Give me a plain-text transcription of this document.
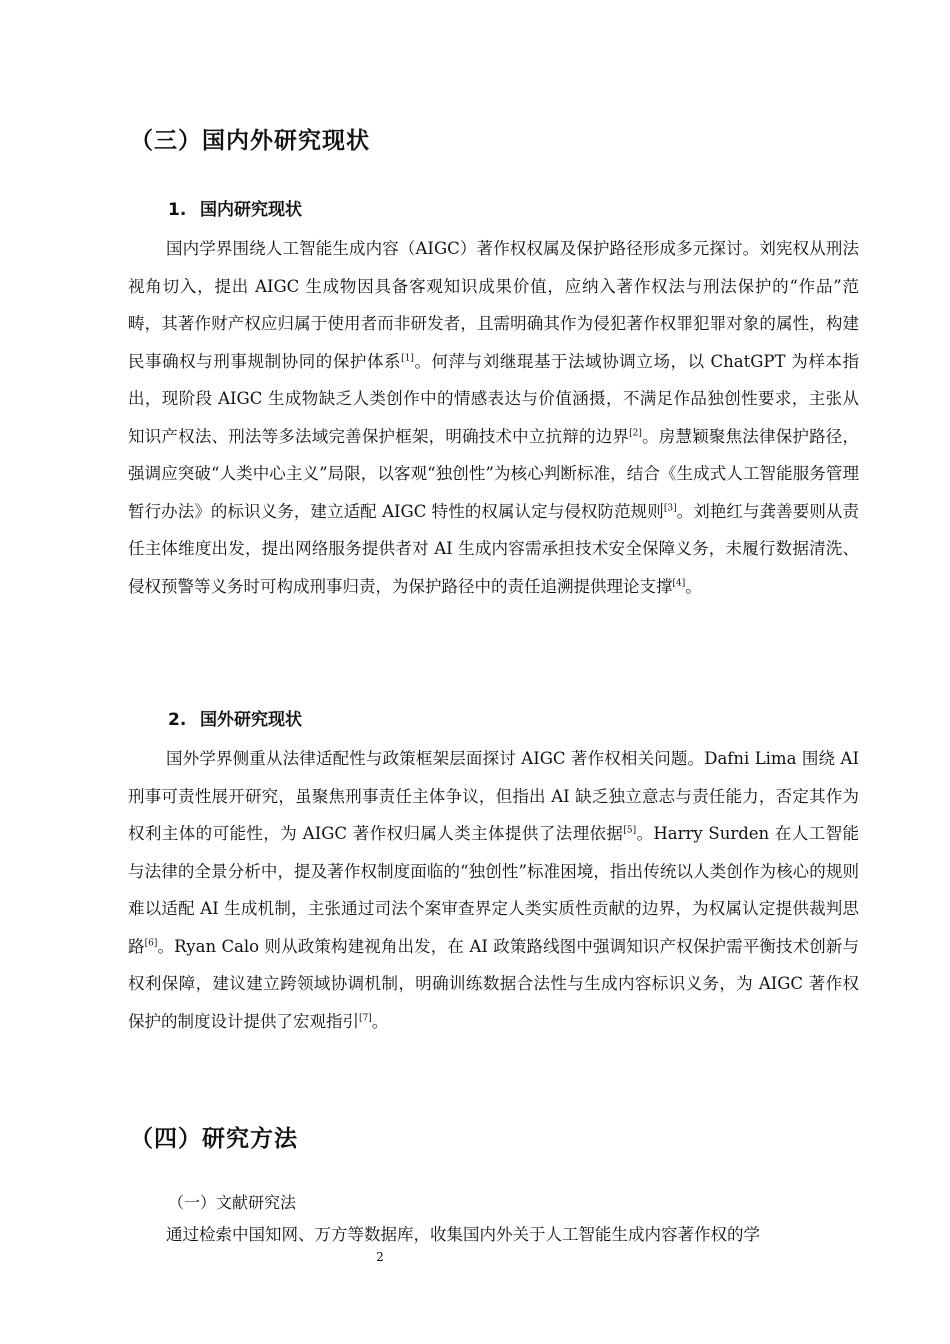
（三）国内外研究现状
1. 国内研究现状

国内学界围绕人工智能生成内容（AIGC）著作权权属及保护路径形成多元探讨。刘宪权从刑法视角切入，提出 AIGC 生成物因具备客观知识成果价值，应纳入著作权法与刑法保护的“作品”范畴，其著作财产权应归属于使用者而非研发者，且需明确其作为侵犯著作权罪犯罪对象的属性，构建民事确权与刑事规制协同的保护体系[1]。何萍与刘继琨基于法域协调立场，以 ChatGPT 为样本指出，现阶段 AIGC 生成物缺乏人类创作中的情感表达与价值涵摄，不满足作品独创性要求，主张从知识产权法、刑法等多法域完善保护框架，明确技术中立抗辩的边界[2]。房慧颖聚焦法律保护路径，强调应突破“人类中心主义”局限，以客观“独创性”为核心判断标准，结合《生成式人工智能服务管理暂行办法》的标识义务，建立适配 AIGC 特性的权属认定与侵权防范规则[3]。刘艳红与龚善要则从责任主体维度出发，提出网络服务提供者对 AI 生成内容需承担技术安全保障义务，未履行数据清洗、侵权预警等义务时可构成刑事归责，为保护路径中的责任追溯提供理论支撑[4]。

2. 国外研究现状

国外学界侧重从法律适配性与政策框架层面探讨 AIGC 著作权相关问题。Dafni Lima 围绕 AI 刑事可责性展开研究，虽聚焦刑事责任主体争议，但指出 AI 缺乏独立意志与责任能力，否定其作为权利主体的可能性，为 AIGC 著作权归属人类主体提供了法理依据[5]。Harry Surden 在人工智能与法律的全景分析中，提及著作权制度面临的“独创性”标准困境，指出传统以人类创作为核心的规则难以适配 AI 生成机制，主张通过司法个案审查界定人类实质性贡献的边界，为权属认定提供裁判思路[6]。Ryan Calo 则从政策构建视角出发，在 AI 政策路线图中强调知识产权保护需平衡技术创新与权利保障，建议建立跨领域协调机制，明确训练数据合法性与生成内容标识义务，为 AIGC 著作权保护的制度设计提供了宏观指引[7]。

（四）研究方法
（一）文献研究法

通过检索中国知网、万方等数据库，收集国内外关于人工智能生成内容著作权的学

2
